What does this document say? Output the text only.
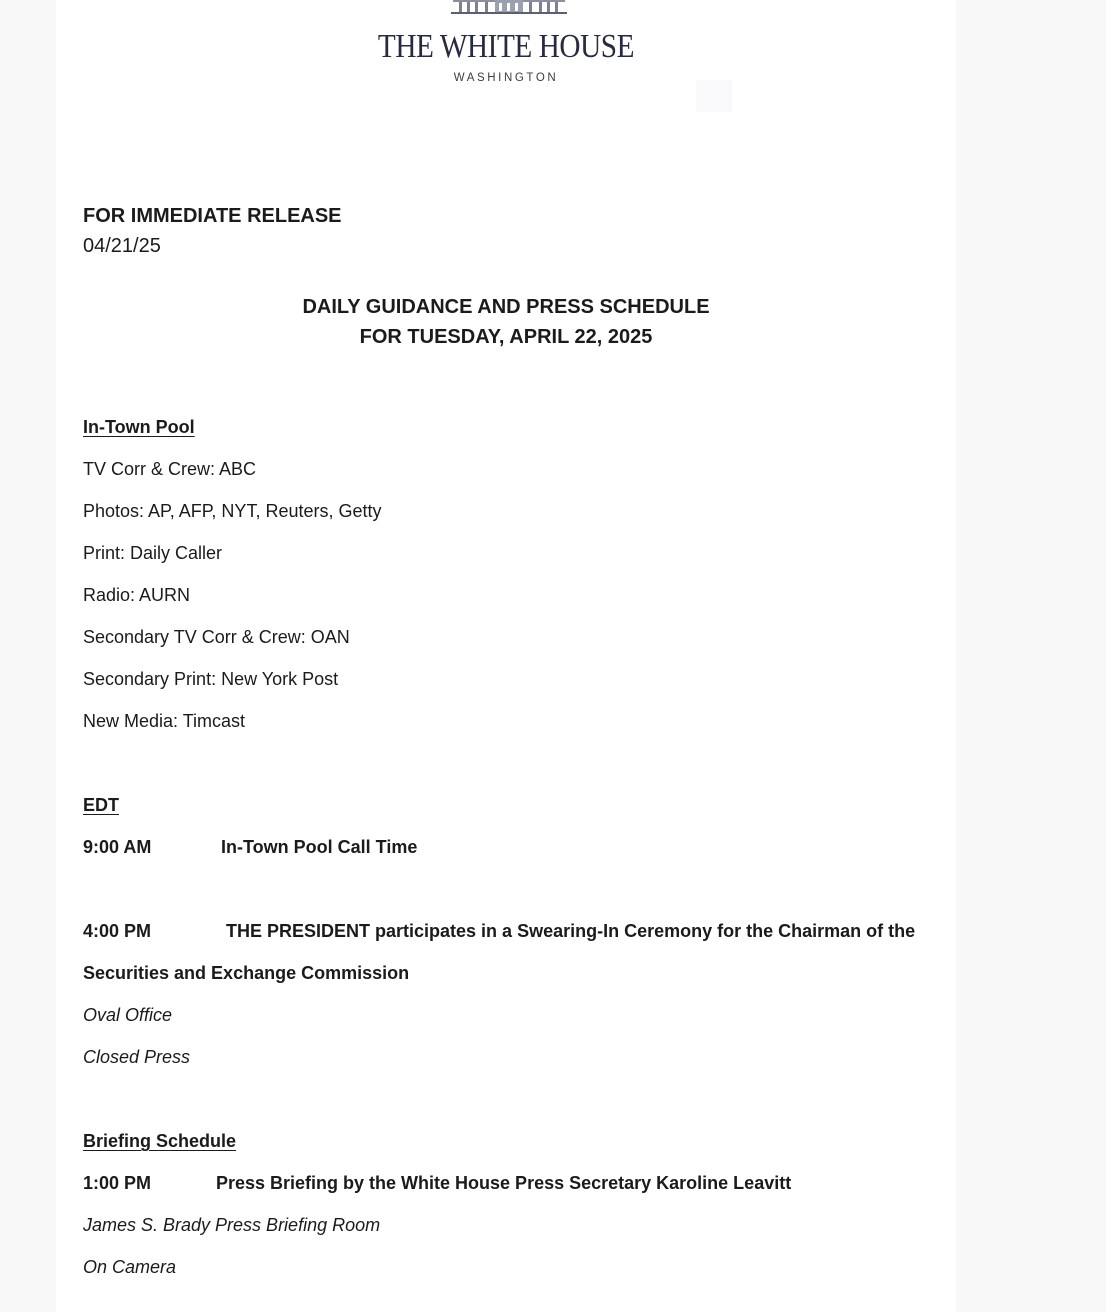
THE WHITE HOUSE
WASHINGTON
FOR IMMEDIATE RELEASE
04/21/25
DAILY GUIDANCE AND PRESS SCHEDULE
FOR TUESDAY, APRIL 22, 2025
In-Town Pool
TV Corr & Crew: ABC
Photos: AP, AFP, NYT, Reuters, Getty
Print: Daily Caller
Radio: AURN
Secondary TV Corr & Crew: OAN
Secondary Print: New York Post
New Media: Timcast
EDT
9:00 AM	In-Town Pool Call Time
4:00 PM	THE PRESIDENT participates in a Swearing-In Ceremony for the Chairman of the
Securities and Exchange Commission
Oval Office
Closed Press
Briefing Schedule
1:00 PM	Press Briefing by the White House Press Secretary Karoline Leavitt
James S. Brady Press Briefing Room
On Camera
